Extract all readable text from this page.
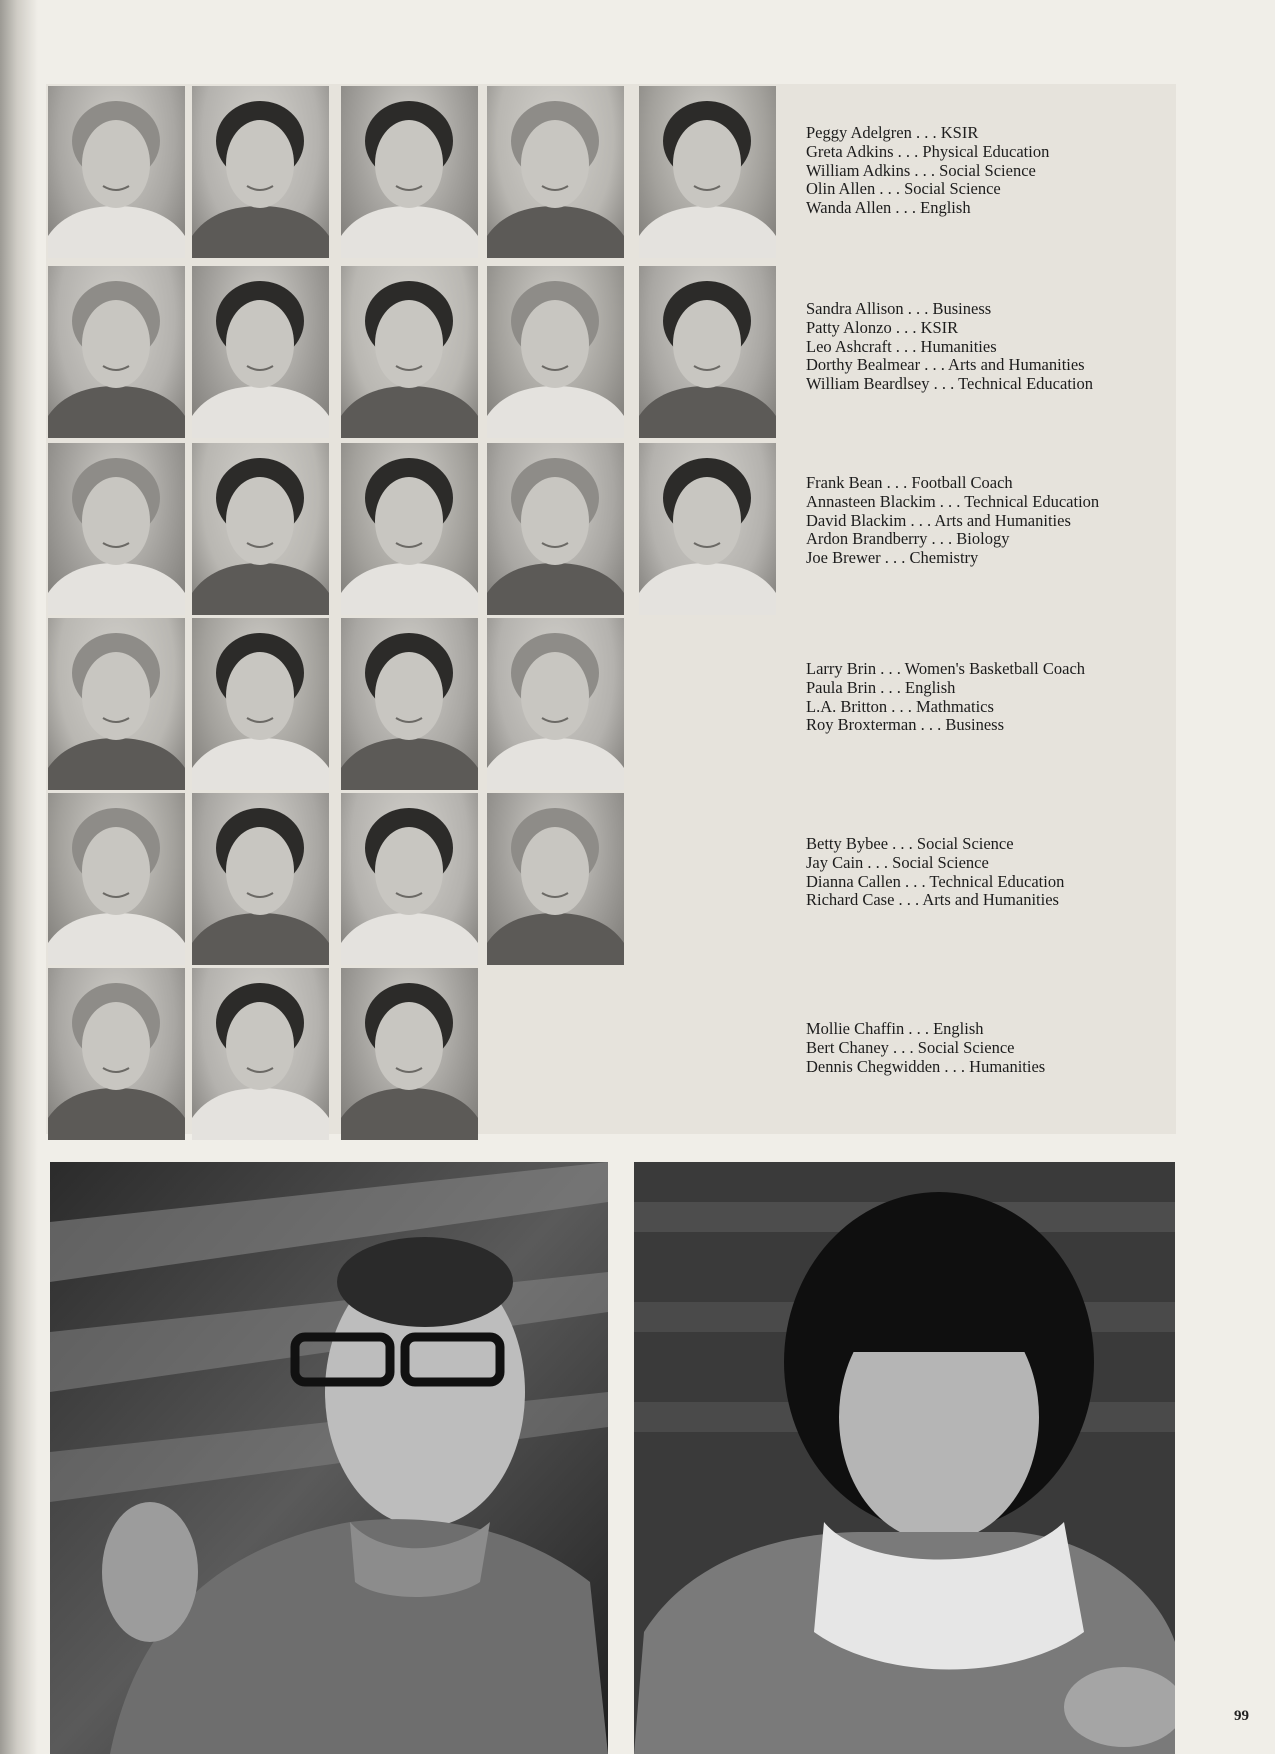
Peggy Adelgren . . . KSIR
Greta Adkins . . . Physical Education
William Adkins . . . Social Science
Olin Allen . . . Social Science
Wanda Allen . . . English
Sandra Allison . . . Business
Patty Alonzo . . . KSIR
Leo Ashcraft . . . Humanities
Dorthy Bealmear . . . Arts and Humanities
William Beardlsey . . . Technical Education
Frank Bean . . . Football Coach
Annasteen Blackim . . . Technical Education
David Blackim . . . Arts and Humanities
Ardon Brandberry . . . Biology
Joe Brewer . . . Chemistry
Larry Brin . . . Women's Basketball Coach
Paula Brin . . . English
L.A. Britton . . . Mathmatics
Roy Broxterman . . . Business
Betty Bybee . . . Social Science
Jay Cain . . . Social Science
Dianna Callen . . . Technical Education
Richard Case . . . Arts and Humanities
Mollie Chaffin . . . English
Bert Chaney . . . Social Science
Dennis Chegwidden . . . Humanities
99
